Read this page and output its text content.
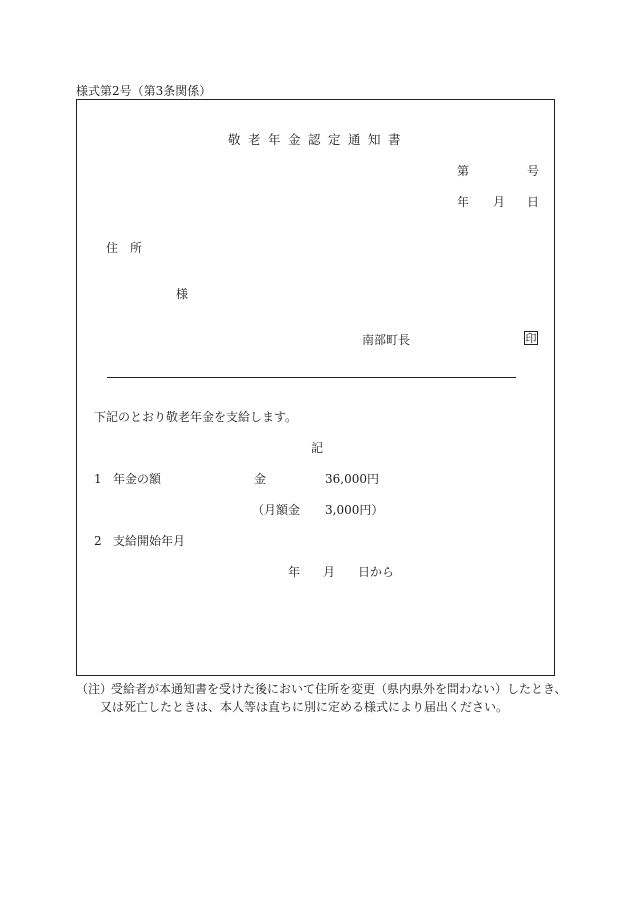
様式第2号（第3条関係）
敬老年金認定通知書
第	号
年 月 日
住　所
様
南部町長	印
下記のとおり敬老年金を支給します。
記
1 年金の額	金	36,000円
（月額金 3,000円）
2 支給開始年月
年 月 日から
（注）
受給者が本通知書を受けた後において住所を変更（県内県外を問わない）したとき、
又は死亡したときは、本人等は直ちに別に定める様式により届出ください。
